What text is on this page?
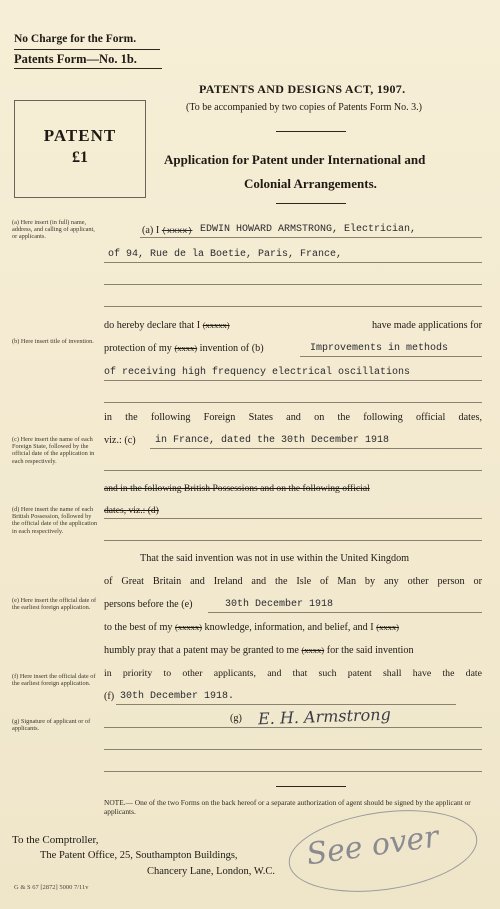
No Charge for the Form.
Patents Form—No. 1b.
PATENTS AND DESIGNS ACT, 1907.
(To be accompanied by two copies of Patents Form No. 3.)
PATENT
£1	Application for Patent under International and
Colonial Arrangements.
(a) Here insert (in full) name, address, and calling of applicant, or applicants.
(b) Here insert title of invention.
(c) Here insert the name of each Foreign State, followed by the official date of the application in each respectively.
(d) Here insert the name of each British Possession, followed by the official date of the application in each respectively.
(e) Here insert the official date of the earliest foreign application.
(f) Here insert the official date of the earliest foreign application.
(g) Signature of applicant or of applicants.
(a) I (xxxx) EDWIN HOWARD ARMSTRONG, Electrician,
of 94, Rue de la Boetie, Paris, France,
do hereby declare that I (xxxxx)	have made applications for
protection of my (xxxx) invention of (b)	Improvements in methods
of receiving high frequency electrical oscillations
in the following Foreign States and on the following official dates,
viz.: (c) in France, dated the 30th December 1918
and in the following British Possessions and on the following official
dates, viz.: (d)
That the said invention was not in use within the United Kingdom
of Great Britain and Ireland and the Isle of Man by any other person or
persons before the (e)	30th December 1918
to the best of my (xxxxx) knowledge, information, and belief, and I (xxxx)
humbly pray that a patent may be granted to me (xxxx) for the said invention
in priority to other applicants, and that such patent shall have the date
(f) 30th December 1918.
(g) E. H. Armstrong
NOTE.— One of the two Forms on the back hereof or a separate authorization of agent should be signed by the applicant or applicants.
To the Comptroller,
The Patent Office, 25, Southampton Buildings,
Chancery Lane, London, W.C.
G & S 67 [2872] 5000 7/11v
See over
